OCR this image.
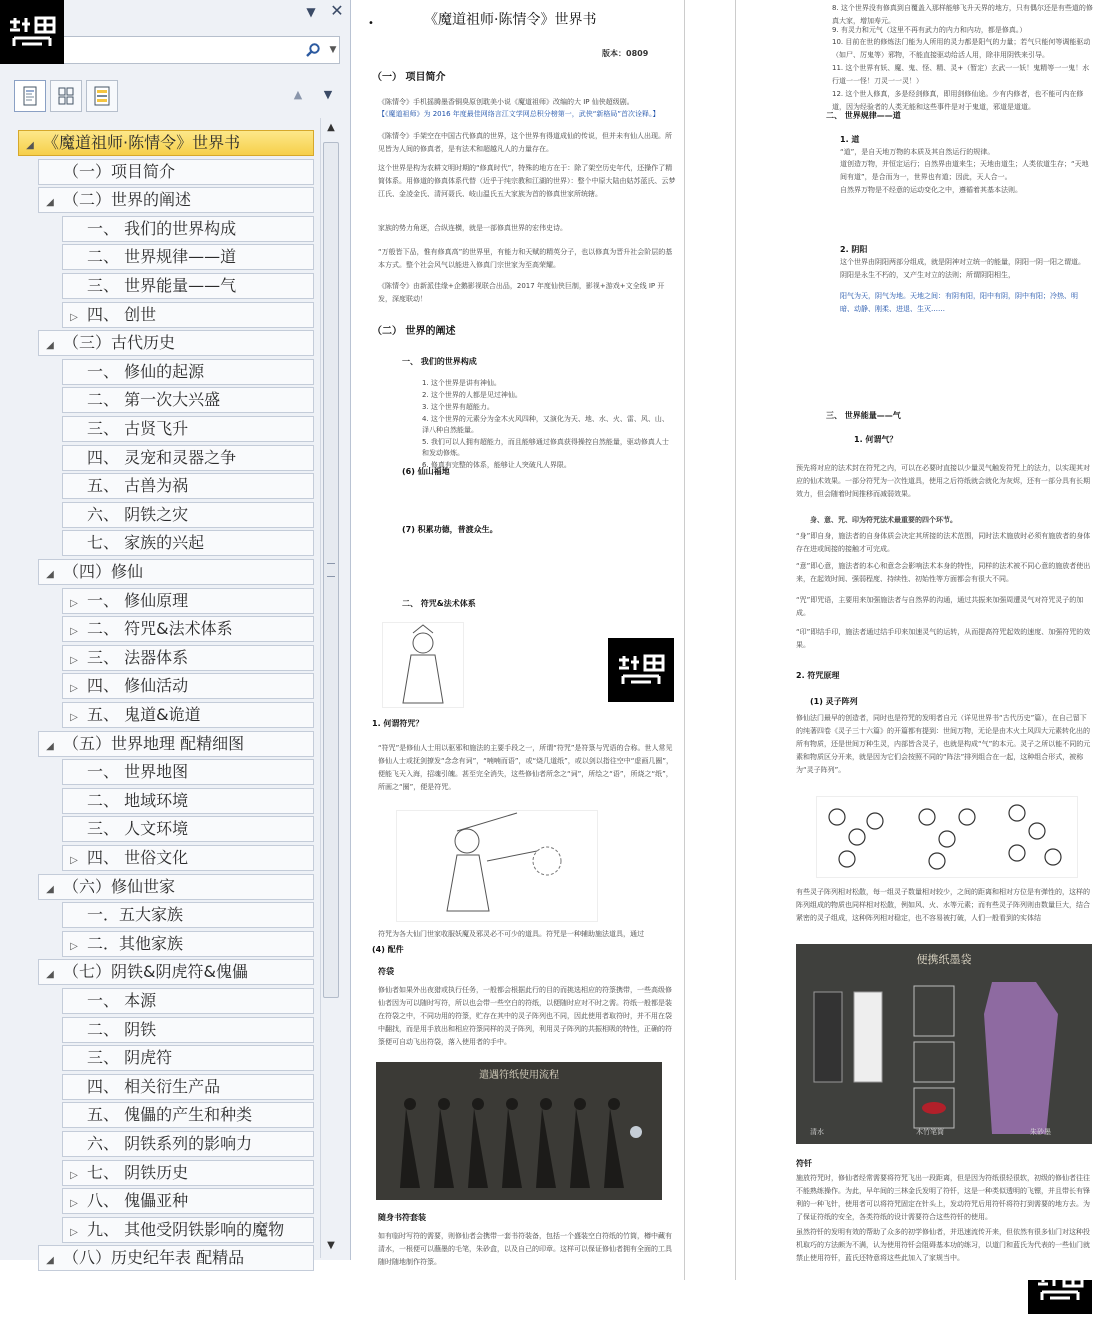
▼ ✕
档
▼
▲	▼
◢ 《魔道祖师·陈情令》世界书
（一）项目简介
◢ （二）世界的阐述
一、 我们的世界构成
二、 世界规律——道
三、 世界能量——气
▷ 四、 创世
◢ （三）古代历史
一、 修仙的起源
二、 第一次大兴盛
三、 古贤飞升
四、 灵宠和灵器之争
五、 古兽为祸
六、 阴铁之灾
七、 家族的兴起
◢ （四）修仙
▷ 一、 修仙原理
▷ 二、 符咒&法术体系
▷ 三、 法器体系
▷ 四、 修仙活动
▷ 五、 鬼道&诡道
◢ （五）世界地理 配精细图
一、 世界地图
二、 地域环境
三、 人文环境
▷ 四、 世俗文化
◢ （六）修仙世家
一．五大家族
▷ 二．其他家族
◢ （七）阴铁&阴虎符&傀儡
一、 本源
二、 阴铁
三、 阴虎符
四、 相关衍生产品
五、 傀儡的产生和种类
六、 阴铁系列的影响力
▷ 七、 阴铁历史
▷ 八、 傀儡亚种
▷ 九、 其他受阴铁影响的魔物
◢ （八）历史纪年表 配精品
▲
▼
•	《魔道祖师·陈情令》世界书
版本：0809
（一） 项目简介
《陈情令》手机摇腾墨香铜臭原创耽美小说《魔道祖师》改编的大 IP 仙侠超级剧。
【《魔道祖师》为 2016 年度最佳网络言江文学网总积分榜第一，武侠“新格局”首次诠释。】
《陈情令》手架空在中国古代修真的世界，这个世界有得道成仙的传说，但并未有仙人出现。所见皆为人间的修真者，是有法术和超越凡人的力量存在。
这个世界是构为农耕文明时期的“修真时代”，特殊的地方在于：除了架空历史年代，还操作了精简体系。用修道的修真体系代替（近乎于纯宗教和江湖的世界）：整个中原大陆由姑苏蓝氏、云梦江氏、金凌金氏、清河聂氏、岐山温氏五大家族为首的修真世家所统辖。
家族的势力角逐，合纵连横，就是一部修真世界的宏伟史诗。
“万般皆下品，惟有修真高”的世界里，有能力和天赋的精英分子，也以修真为晋升社会阶层的基本方式。整个社会风气以能进入修真门宗世家为至高荣耀。
《陈情令》由新派佳缘+企鹅影视联合出品，2017 年度仙侠巨制，影视+游戏+文全线 IP 开发，深度联动！
（二） 世界的阐述
一、 我们的世界构成
1. 这个世界是讲有神仙。
2. 这个世界的人都是见过神仙。
3. 这个世界有超能力。
4. 这个世界的元素分为金木火风四种，又演化为天、地、水、火、雷、风、山、泽八种自然能量。
5. 我们可以人拥有超能力，而且能够通过修真获得操控自然能量，驱动修真人士和发动修炼。
6. 修真有完整的体系，能够让人突破凡人界限。
(6) 仙山福地
(7) 积累功德，普渡众生。
二、 符咒&法术体系
1. 何谓符咒？
“符咒”是修仙人士用以驱邪和施法的主要手段之一，所谓“符咒”是符箓与咒语的合称。世人常见修仙人士或抚剑撩发“念念有词”，“喃喃而语”，或“烧几道纸”，或以剑以指往空中“虚画几圈”，便能飞天入海，招魂引魄。甚至完全消失，这些修仙者所念之“词”，所绘之“语”，所烧之“纸”，所画之“圈”，便是符咒。
符咒为各大仙门世家收服妖魔及邪灵必不可少的道具。符咒是一种辅助施法道具，通过
(4) 配件
符袋
修仙者如果外出夜猎或执行任务，一般都会根据此行的目的而挑选相应的符箓携带，一些高级修仙者因为可以随时写符，所以也会带一些空白的符纸，以便随时应对不时之需。符纸一般都是装在符袋之中，不同功用的符箓，贮存在其中的灵子阵列也不同，因此使用者取符时，并不用在袋中翻找，而是用手放出和相应符箓同样的灵子阵列，利用灵子阵列的共振相吸的特性，正确的符箓便可自动飞出符袋，落入使用者的手中。
遣遇符纸使用流程
随身书符套装
如有临时写符的需要，则修仙者会携带一套书符装备，包括一个盛装空白符纸的竹筒，樽中藏有清水，一根便可以蘸墨的毛笔，朱砂盒，以及自己的印章。这样可以保证修仙者拥有全面的工具随时随地制作符箓。
8. 这个世界没有修真到自覆盖入那样能够飞升天界的地方，只有偶尔还是有些道的修真大家，增加寿元。
9. 有灵力和元气（这里不再有武力的内力和内功，都是修真。）
10. 目前在世的修炼法门能为人所用的灵力都是阳气的力量；若气只能何等调能驱动（如尸、厉鬼等）邪物，不能直接驱动给活人用，除非用阴铁来引导。
11. 这个世界有妖、魔、鬼、怪、精、灵+（暂定）玄武一一妖！鬼精等一一鬼！水行道一一怪！刀灵一一灵！）
12. 这个世人修真，多是经剑修真，即用剑修仙途。少有内修者，也不能可内在修道，因为经验者的人类无能和这些事件是对于鬼道，邪道是道道。
二、 世界规律——道
1. 道
“道”，是自天地万物的本质及其自然运行的规律。
道创造万物，并恒定运行；自然界由道来生；天地由道生；人类依道生存；“天地间有道”，是合而为一，世界也有道；因此，天人合一。
自然界万物是不经意的运动变化之中，遵循着其基本法则。
2. 阴阳
这个世界由阴阳两部分组成，就是阴神对立统一的能量，阴阳一阴一阳之谓道。阴阳是永生不朽的，又产生对立的法则；所谓阴阳相生，
阳气为天，阴气为地。天地之间：有阴有阳，阳中有阴，阴中有阳；冷热、明暗、动静、刚柔、进退、生灭……
三、 世界能量——气
1. 何谓气？
预先将对应的法术封在符咒之内，可以在必要时直接以少量灵气触发符咒上的法力，以实现其对应的仙术效果。一部分符咒为一次性道具，使用之后符纸就会就化为灰烬，还有一部分具有长期效力，但会随着时间推移而减弱效果。
身、意、咒、印为符咒法术最重要的四个环节。
“身”即自身，施法者的自身体质会决定其所接的法术范围，同时法术施放时必须有施放者的身体存在进或间接的接触才可完成。
“意”即心意，施法者的本心和意念会影响法术本身的特性，同样的法术被不同心意的施放者使出来，在起效时间、强弱程度、持续性、初始性等方面都会有很大不同。
“咒”即咒语，主要用来加强施法者与自然界的沟通，通过共振来加强周遭灵气对符咒灵子的加成。
“印”即结手印，施法者通过结手印来加速灵气的运转，从而提高符咒起效的速度、加强符咒的效果。
2. 符咒原理
(1) 灵子阵列
修仙法门最早的创造者，同时也是符咒的发明者自元（详见世界书“古代历史”篇），在自己留下的纯著四卷《灵子三十六篇》的开篇都有提到：世间万物，无论是由木火土风四大元素转化出的所有物质，还是世间万种生灵，内部皆含灵子，也就是构成“气”的本元。灵子之所以能不同的元素和物质区分开来，就是因为它们会按照不同的“阵法”排列组合在一起，这种组合形式，被称为“灵子阵列”。
有些灵子阵列相对松散，每一组灵子数量相对较少，之间的距离和相对方位是有弹性的，这样的阵列组成的物质也同样相对松散，例如风、火、水等元素；而有些灵子阵列则由数量巨大，结合紧密的灵子组成，这种阵列相对稳定，也不容易被打破，人们一般看到的实体结
便携纸墨袋
清水	木竹笔筒	朱砂墨
符钎
施放符咒时，修仙者经常需要将符咒飞出一段距离，但是因为符纸很轻很软，初级的修仙者往往不能熟练操作。为此，早年间的三林金氏发明了符钎，这是一种类似透明的飞镖，并且带长有锋利的一种飞针，使用者可以将符咒固定在针头上，发动符咒后用符钎将符打到需要的地方去。为了保证符纸的安全，各类符纸的设计需要符合这些符钎的使用。
虽然符钎的发明有效的帮助了众多的初学修仙者，并迅速流传开来，但依然有很多仙门对这种投机取巧的方法颇为不满，认为使用符钎会阻碍基本功的练习，以道门和蓝氏为代表的一些仙门就禁止使用符钎，蓝氏还特意将这些此加入了家规当中。
